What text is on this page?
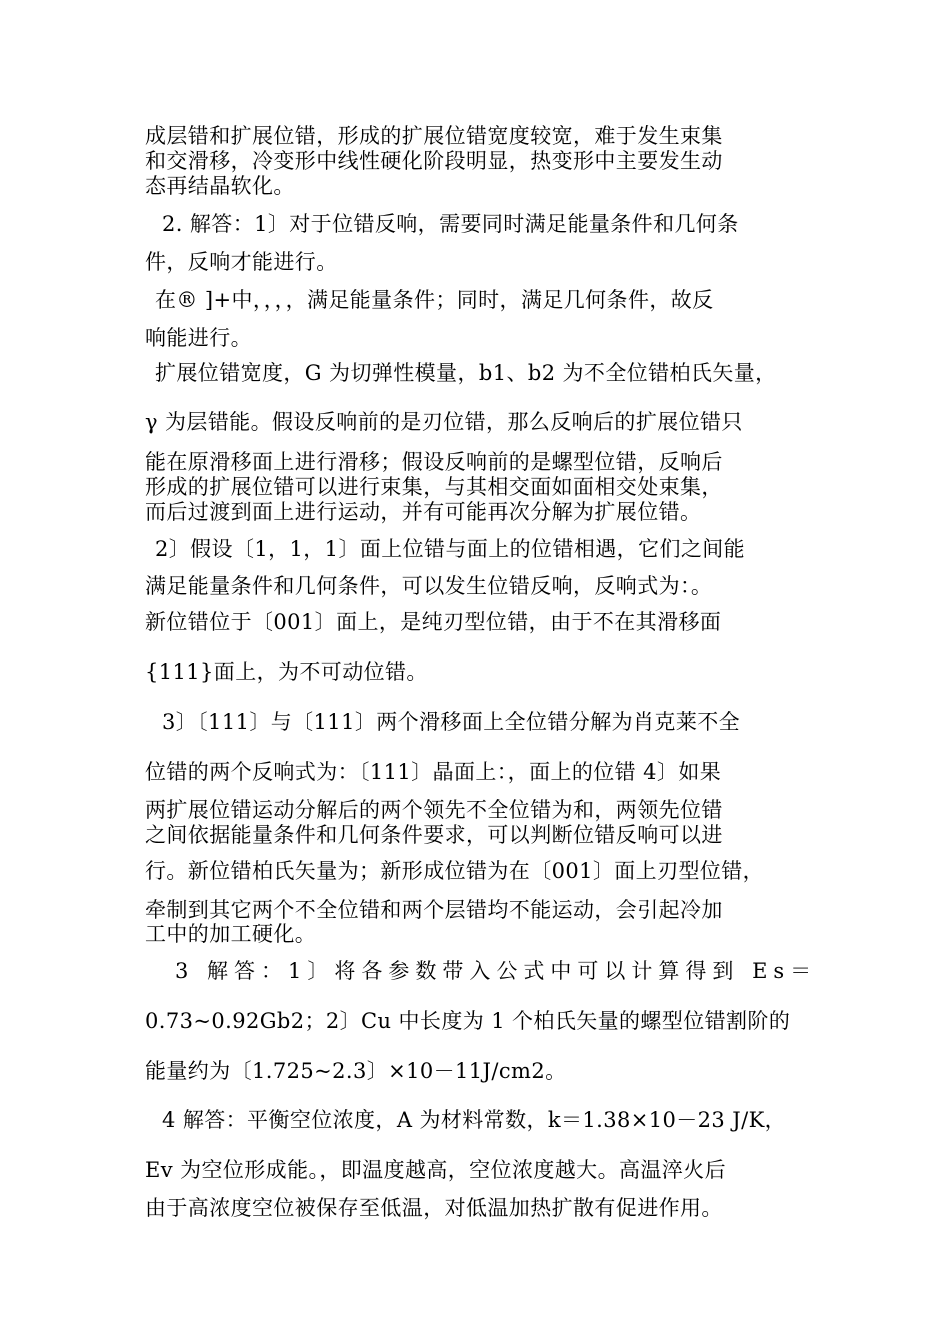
成层错和扩展位错，形成的扩展位错宽度较宽，难于发生束集
和交滑移，冷变形中线性硬化阶段明显，热变形中主要发生动
态再结晶软化。
2. 解答：1〕对于位错反响，需要同时满足能量条件和几何条
件，反响才能进行。
在® ]+中，，，，满足能量条件；同时，满足几何条件，故反
响能进行。
扩展位错宽度，G 为切弹性模量，b1、b2 为不全位错柏氏矢量，
γ 为层错能。假设反响前的是刃位错，那么反响后的扩展位错只
能在原滑移面上进行滑移；假设反响前的是螺型位错，反响后
形成的扩展位错可以进行束集，与其相交面如面相交处束集，
而后过渡到面上进行运动，并有可能再次分解为扩展位错。
2〕假设〔1，1，1〕面上位错与面上的位错相遇，它们之间能
满足能量条件和几何条件，可以发生位错反响，反响式为：。
新位错位于〔001〕面上，是纯刃型位错，由于不在其滑移面
{111}面上，为不可动位错。
3〕〔111〕与〔111〕两个滑移面上全位错分解为肖克莱不全
位错的两个反响式为：〔111〕晶面上：，面上的位错 4〕如果
两扩展位错运动分解后的两个领先不全位错为和，两领先位错
之间依据能量条件和几何条件要求，可以判断位错反响可以进
行。新位错柏氏矢量为；新形成位错为在〔001〕面上刃型位错，
牵制到其它两个不全位错和两个层错均不能运动，会引起冷加
工中的加工硬化。
3 解答：1〕将各参数带入公式中可以计算得到 Es＝
0.73~0.92Gb2；2〕Cu 中长度为 1 个柏氏矢量的螺型位错割阶的
能量约为〔1.725~2.3〕×10－11J/cm2。
4 解答：平衡空位浓度，A 为材料常数，k＝1.38×10－23 J/K，
Ev 为空位形成能。，即温度越高，空位浓度越大。高温淬火后
由于高浓度空位被保存至低温，对低温加热扩散有促进作用。
